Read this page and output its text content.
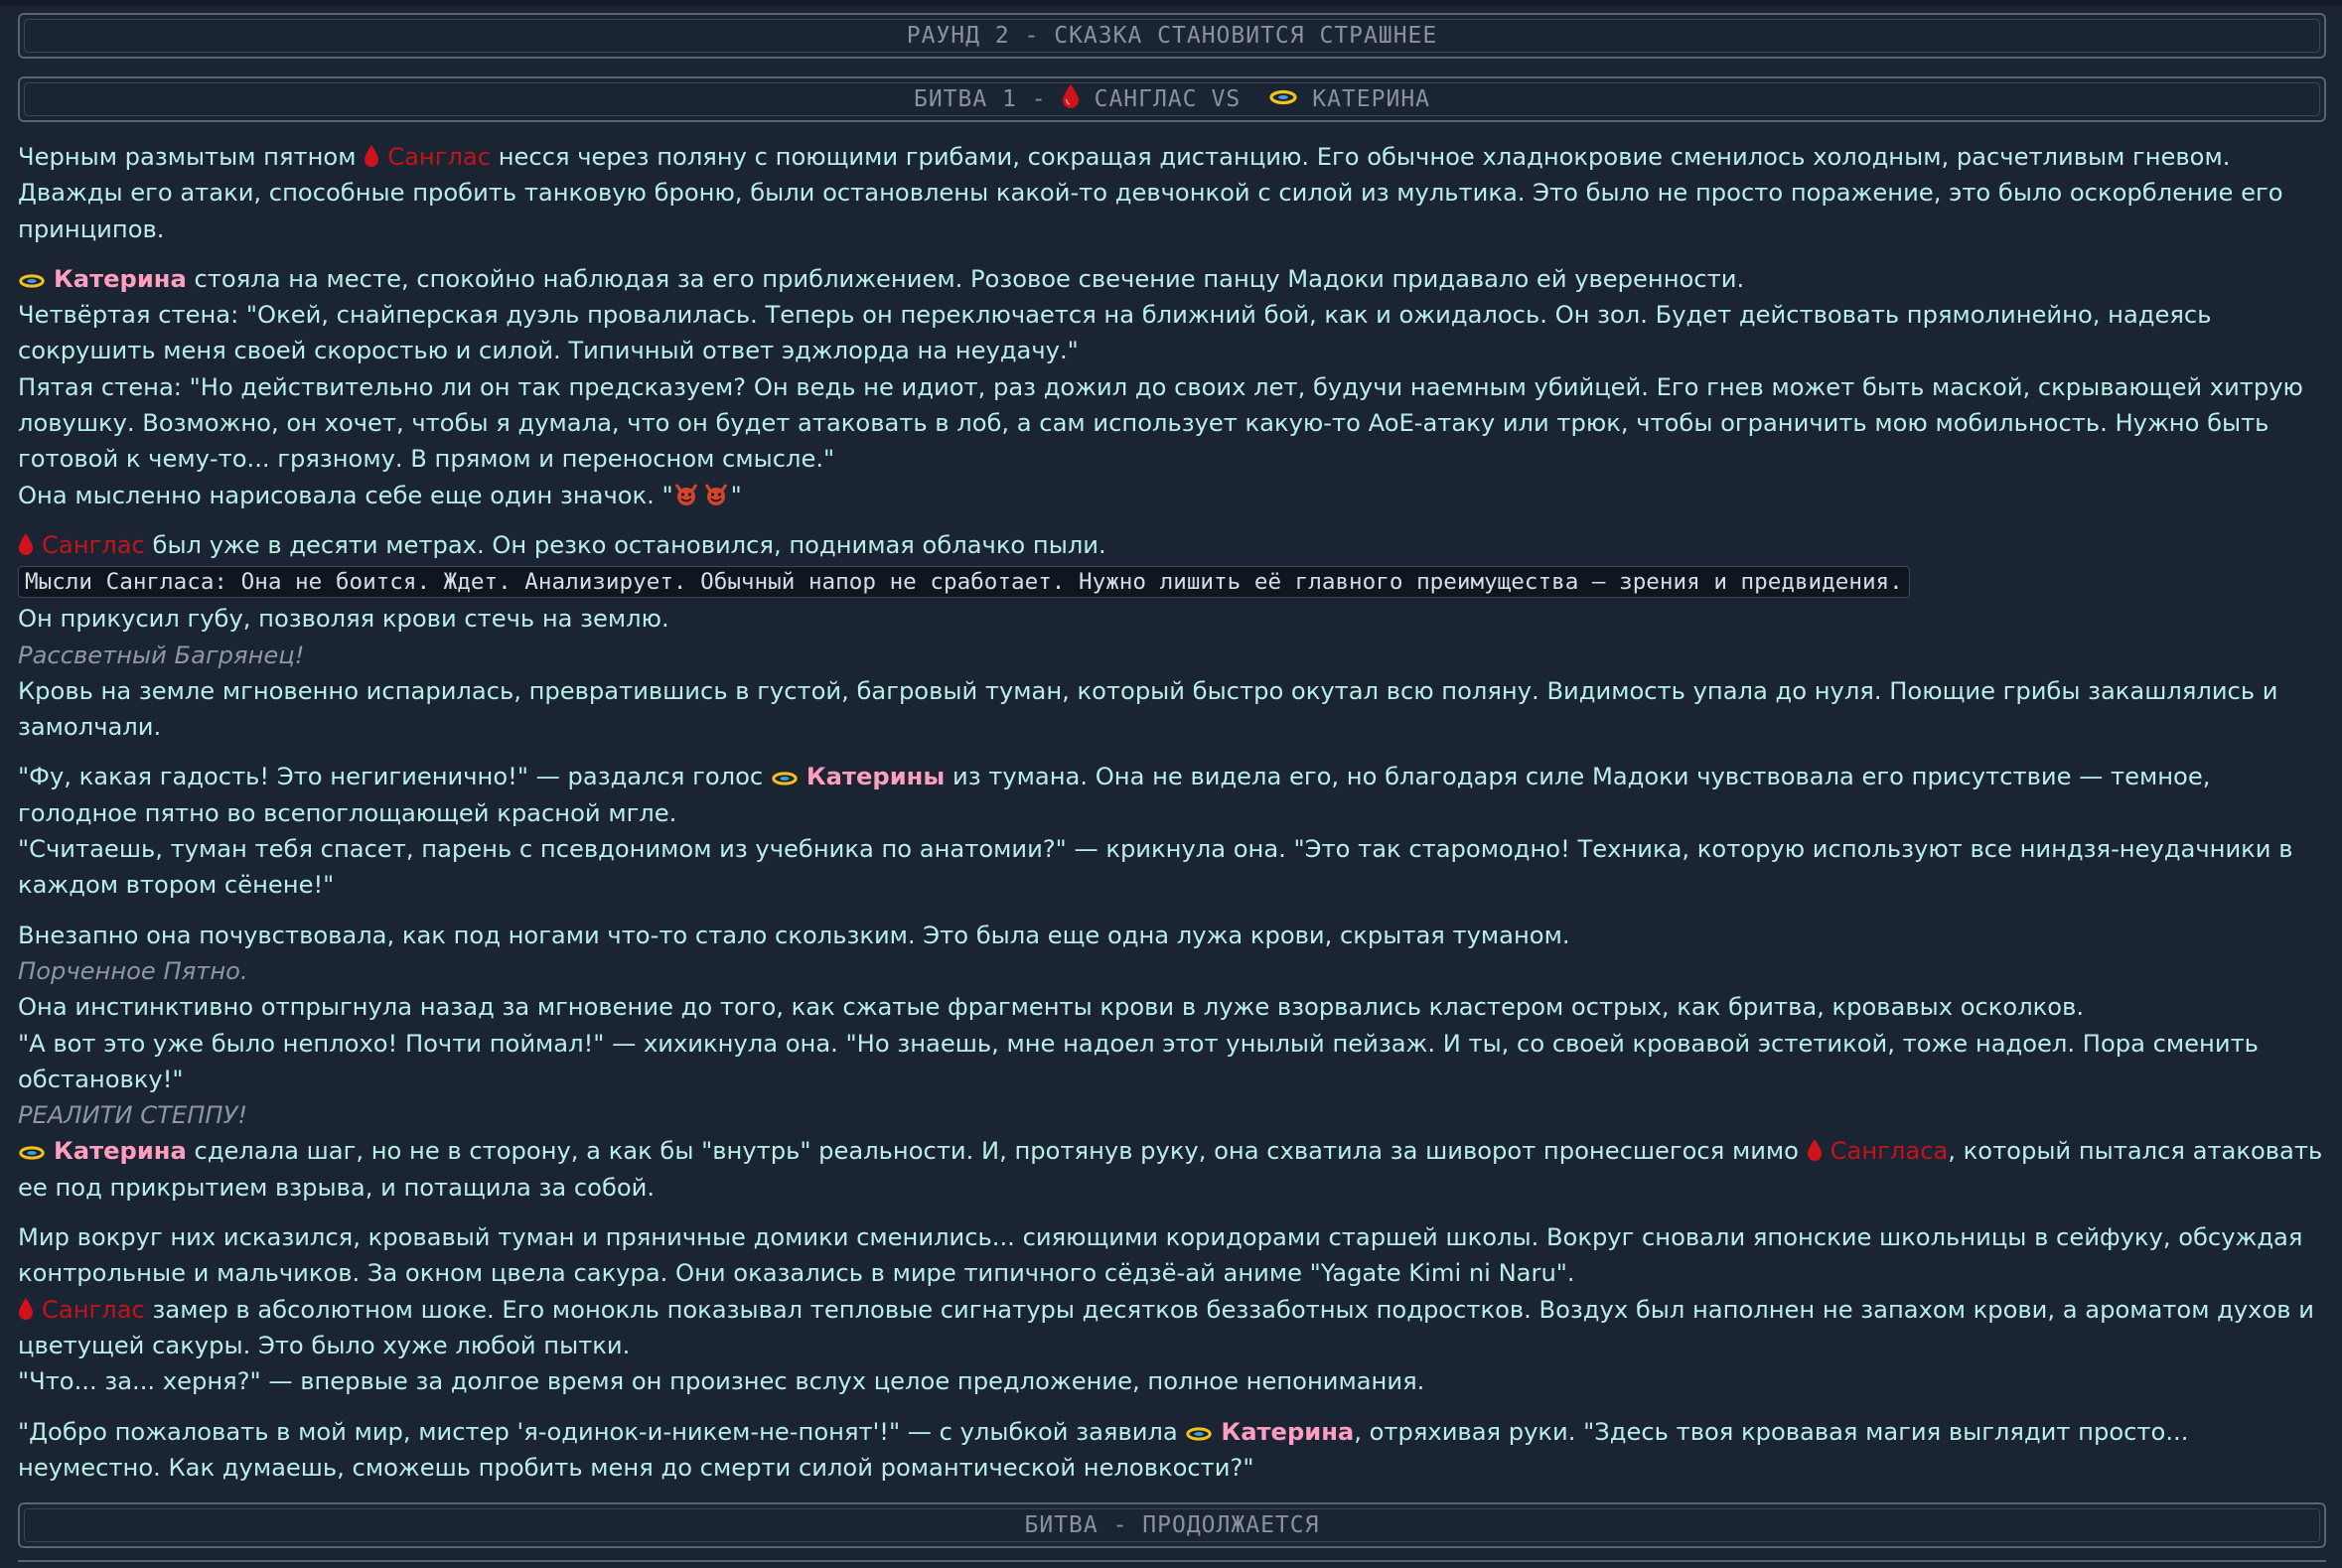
РАУНД 2 - СКАЗКА СТАНОВИТСЯ СТРАШНЕЕ
БИТВА 1 - САНГЛАС VS	КАТЕРИНА

Черным размытым пятном Санглас несся через поляну с поющими грибами, сокращая дистанцию. Его обычное хладнокровие сменилось холодным, расчетливым гневом. Дважды его атаки, способные пробить танковую броню, были остановлены какой-то девчонкой с силой из мультика. Это было не просто поражение, это было оскорбление его принципов.

Катерина стояла на месте, спокойно наблюдая за его приближением. Розовое свечение панцу Мадоки придавало ей уверенности.

Четвёртая стена: "Окей, снайперская дуэль провалилась. Теперь он переключается на ближний бой, как и ожидалось. Он зол. Будет действовать прямолинейно, надеясь сокрушить меня своей скоростью и силой. Типичный ответ эджлорда на неудачу."

Пятая стена: "Но действительно ли он так предсказуем? Он ведь не идиот, раз дожил до своих лет, будучи наемным убийцей. Его гнев может быть маской, скрывающей хитрую ловушку. Возможно, он хочет, чтобы я думала, что он будет атаковать в лоб, а сам использует какую-то AoE-атаку или трюк, чтобы ограничить мою мобильность. Нужно быть готовой к чему-то... грязному. В прямом и переносном смысле."

Она мысленно нарисовала себе еще один значок. " "

Санглас был уже в десяти метрах. Он резко остановился, поднимая облачко пыли.

Мысли Сангласа: Она не боится. Ждет. Анализирует. Обычный напор не сработает. Нужно лишить её главного преимущества — зрения и предвидения.

Он прикусил губу, позволяя крови стечь на землю.

Рассветный Багрянец!

Кровь на земле мгновенно испарилась, превратившись в густой, багровый туман, который быстро окутал всю поляну. Видимость упала до нуля. Поющие грибы закашлялись и замолчали.

"Фу, какая гадость! Это негигиенично!" — раздался голос Катерины из тумана. Она не видела его, но благодаря силе Мадоки чувствовала его присутствие — темное, голодное пятно во всепоглощающей красной мгле.

"Считаешь, туман тебя спасет, парень с псевдонимом из учебника по анатомии?" — крикнула она. "Это так старомодно! Техника, которую используют все ниндзя-неудачники в каждом втором сёнене!"

Внезапно она почувствовала, как под ногами что-то стало скользким. Это была еще одна лужа крови, скрытая туманом.

Порченное Пятно.

Она инстинктивно отпрыгнула назад за мгновение до того, как сжатые фрагменты крови в луже взорвались кластером острых, как бритва, кровавых осколков.

"А вот это уже было неплохо! Почти поймал!" — хихикнула она. "Но знаешь, мне надоел этот унылый пейзаж. И ты, со своей кровавой эстетикой, тоже надоел. Пора сменить обстановку!"

РЕАЛИТИ СТЕППУ!

Катерина сделала шаг, но не в сторону, а как бы "внутрь" реальности. И, протянув руку, она схватила за шиворот пронесшегося мимо Сангласа, который пытался атаковать ее под прикрытием взрыва, и потащила за собой.

Мир вокруг них исказился, кровавый туман и пряничные домики сменились... сияющими коридорами старшей школы. Вокруг сновали японские школьницы в сейфуку, обсуждая контрольные и мальчиков. За окном цвела сакура. Они оказались в мире типичного сёдзё-ай аниме "Yagate Kimi ni Naru".

Санглас замер в абсолютном шоке. Его монокль показывал тепловые сигнатуры десятков беззаботных подростков. Воздух был наполнен не запахом крови, а ароматом духов и цветущей сакуры. Это было хуже любой пытки.

"Что... за... херня?" — впервые за долгое время он произнес вслух целое предложение, полное непонимания.

"Добро пожаловать в мой мир, мистер 'я-одинок-и-никем-не-понят'!" — с улыбкой заявила Катерина, отряхивая руки. "Здесь твоя кровавая магия выглядит просто... неуместно. Как думаешь, сможешь пробить меня до смерти силой романтической неловкости?"

БИТВА - ПРОДОЛЖАЕТСЯ
